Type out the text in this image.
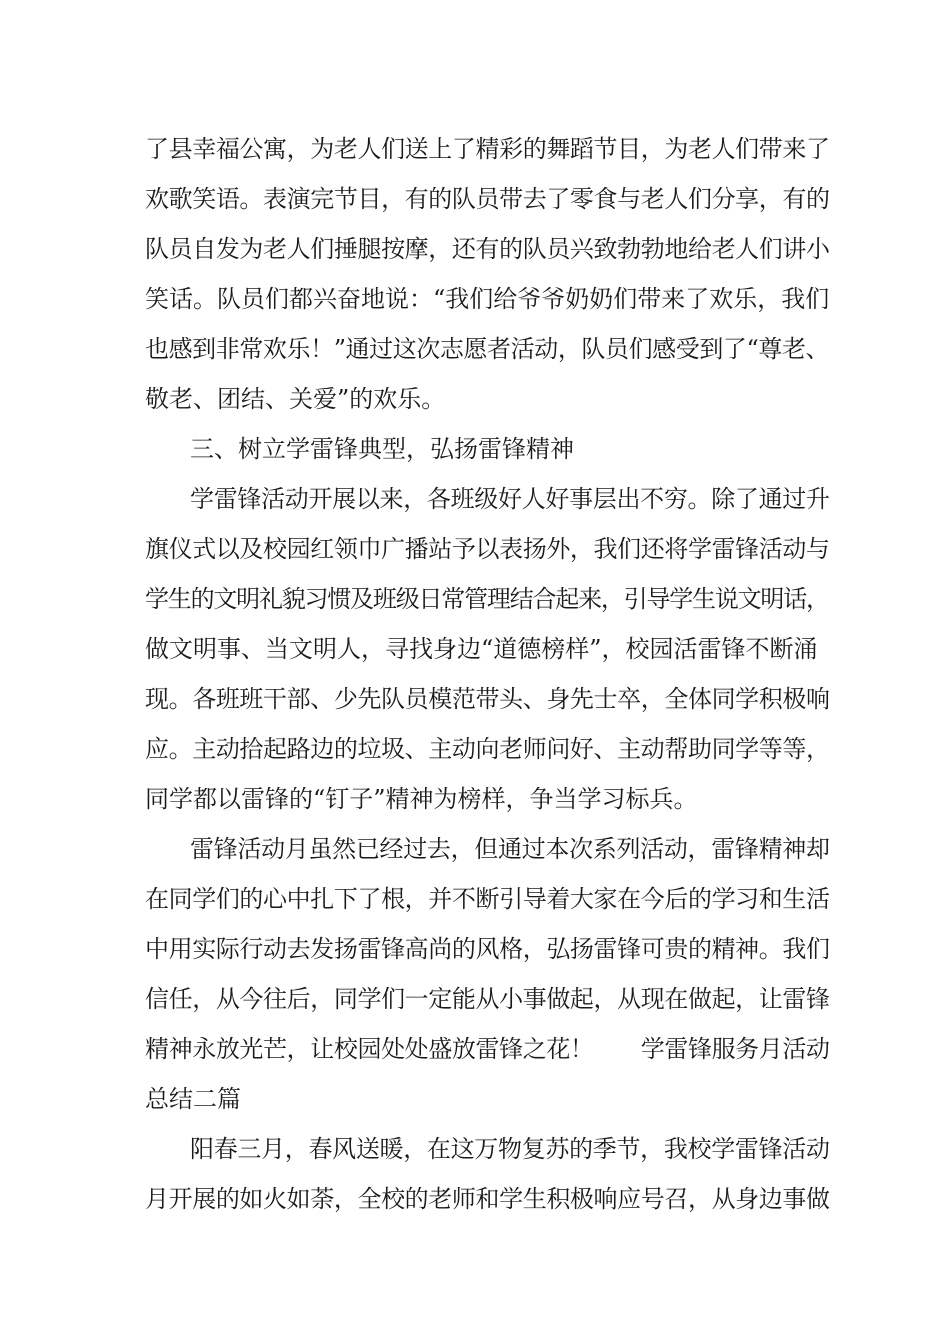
了县幸福公寓，为老人们送上了精彩的舞蹈节目，为老人们带来了
欢歌笑语。表演完节目，有的队员带去了零食与老人们分享，有的
队员自发为老人们捶腿按摩，还有的队员兴致勃勃地给老人们讲小
笑话。队员们都兴奋地说：“我们给爷爷奶奶们带来了欢乐，我们
也感到非常欢乐！”通过这次志愿者活动，队员们感受到了“尊老、
敬老、团结、关爱”的欢乐。
三、树立学雷锋典型，弘扬雷锋精神
学雷锋活动开展以来，各班级好人好事层出不穷。除了通过升
旗仪式以及校园红领巾广播站予以表扬外，我们还将学雷锋活动与
学生的文明礼貌习惯及班级日常管理结合起来，引导学生说文明话，
做文明事、当文明人，寻找身边“道德榜样”，校园活雷锋不断涌
现。各班班干部、少先队员模范带头、身先士卒，全体同学积极响
应。主动拾起路边的垃圾、主动向老师问好、主动帮助同学等等，
同学都以雷锋的“钉子”精神为榜样，争当学习标兵。
雷锋活动月虽然已经过去，但通过本次系列活动，雷锋精神却
在同学们的心中扎下了根，并不断引导着大家在今后的学习和生活
中用实际行动去发扬雷锋高尚的风格，弘扬雷锋可贵的精神。我们
信任，从今往后，同学们一定能从小事做起，从现在做起，让雷锋
精神永放光芒，让校园处处盛放雷锋之花！　　学雷锋服务月活动
总结二篇
阳春三月，春风送暖，在这万物复苏的季节，我校学雷锋活动
月开展的如火如荼，全校的老师和学生积极响应号召，从身边事做
